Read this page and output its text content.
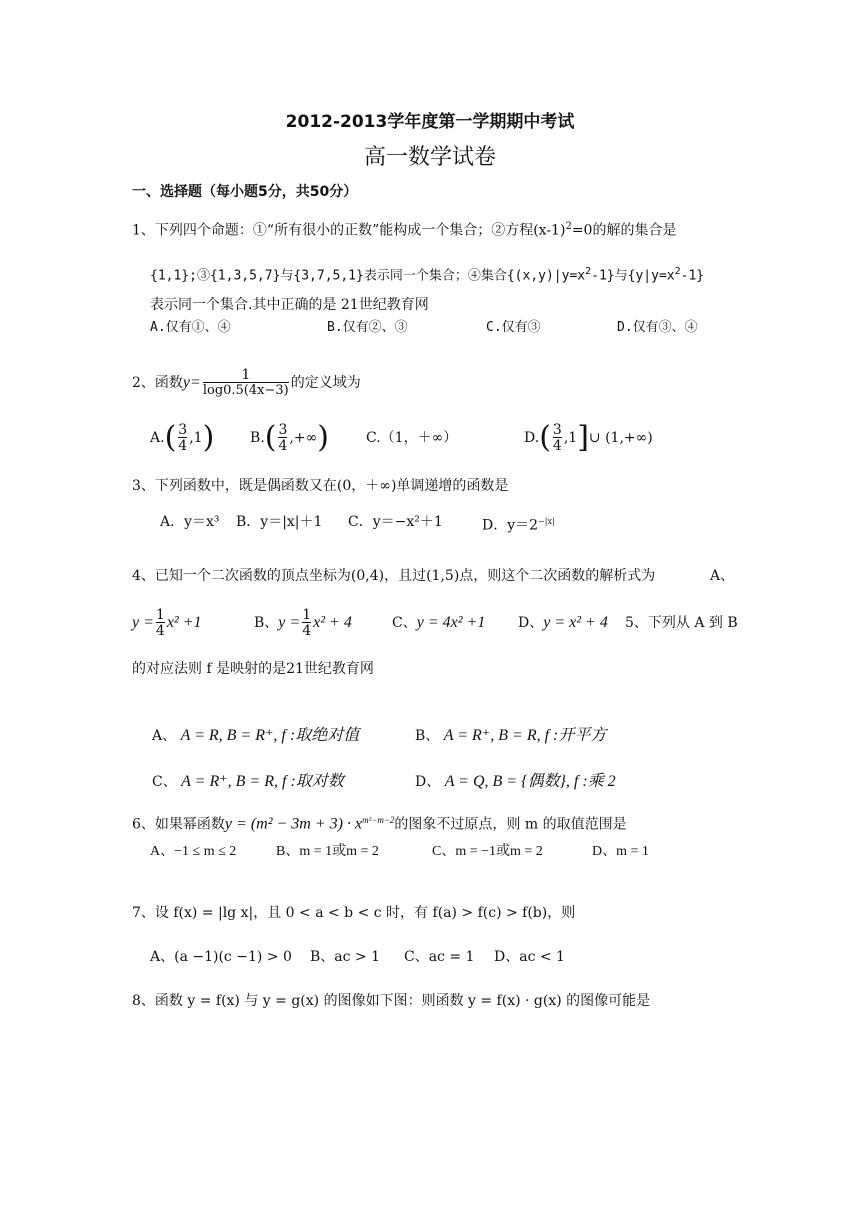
2012-2013学年度第一学期期中考试
高一数学试卷
一、选择题（每小题5分，共50分）
1、下列四个命题：①“所有很小的正数”能构成一个集合；②方程$(x-1)^2=0$的解的集合是
{1,1};③{1,3,5,7}与{3,7,5,1}表示同一个集合；④集合$\{(x,y)|y=x^2-1\}$与$\{y|y=x^2-1\}$
表示同一个集合.其中正确的是 21世纪教育网
A.仅有①、④	B.仅有②、③	C.仅有③	D.仅有③、④
2、函数$y= \frac{1}{\log 0.5(4x-3)}$ 的定义域为
$A.( \frac{3}{4} ,1)$	$B.( \frac{3}{4}$ ,+∞)	C.（1，＋∞）	$D.( \frac{3}{4}$ ,1]∪ (1,+∞)
3、下列函数中，既是偶函数又在(0，＋∞)单调递增的函数是
A．y＝x³ B．y＝|x|＋1 C．y＝−x²＋1	D．$y=2^{-|x|}$
4、已知一个二次函数的顶点坐标为(0,4)，且过(1,5)点，则这个二次函数的解析式为	A、
$y = \frac{1}{4} x^2 +1$	B、$y = \frac{1}{4} x^2 + 4$	C、y = 4x² +1 D、y = x² + 4 5、下列从 A 到 B
的对应法则 f 是映射的是21世纪教育网
A、 A = R, B = R⁺, f :取绝对值	B、 A = R⁺, B = R, f :开平方
C、 A = R⁺, B = R, f :取对数	D、 A = Q, B = {偶数}, f :乘 2
6、如果幂函数$y = (m^2 - 3m + 3) \cdot x^{m^2-m-2}$的图象不过原点，则 m 的取值范围是
A、−1 ≤ m ≤ 2	B、m = 1或m = 2	C、m = −1或m = 2	D、m = 1
7、设 f(x) = |lg x|，且 0 < a < b < c 时，有 f(a) > f(c) > f(b)，则
A、(a −1)(c −1) > 0 B、ac > 1 C、ac = 1 D、ac < 1
8、函数 y = f(x) 与 y = g(x) 的图像如下图：则函数 y = f(x) · g(x) 的图像可能是
